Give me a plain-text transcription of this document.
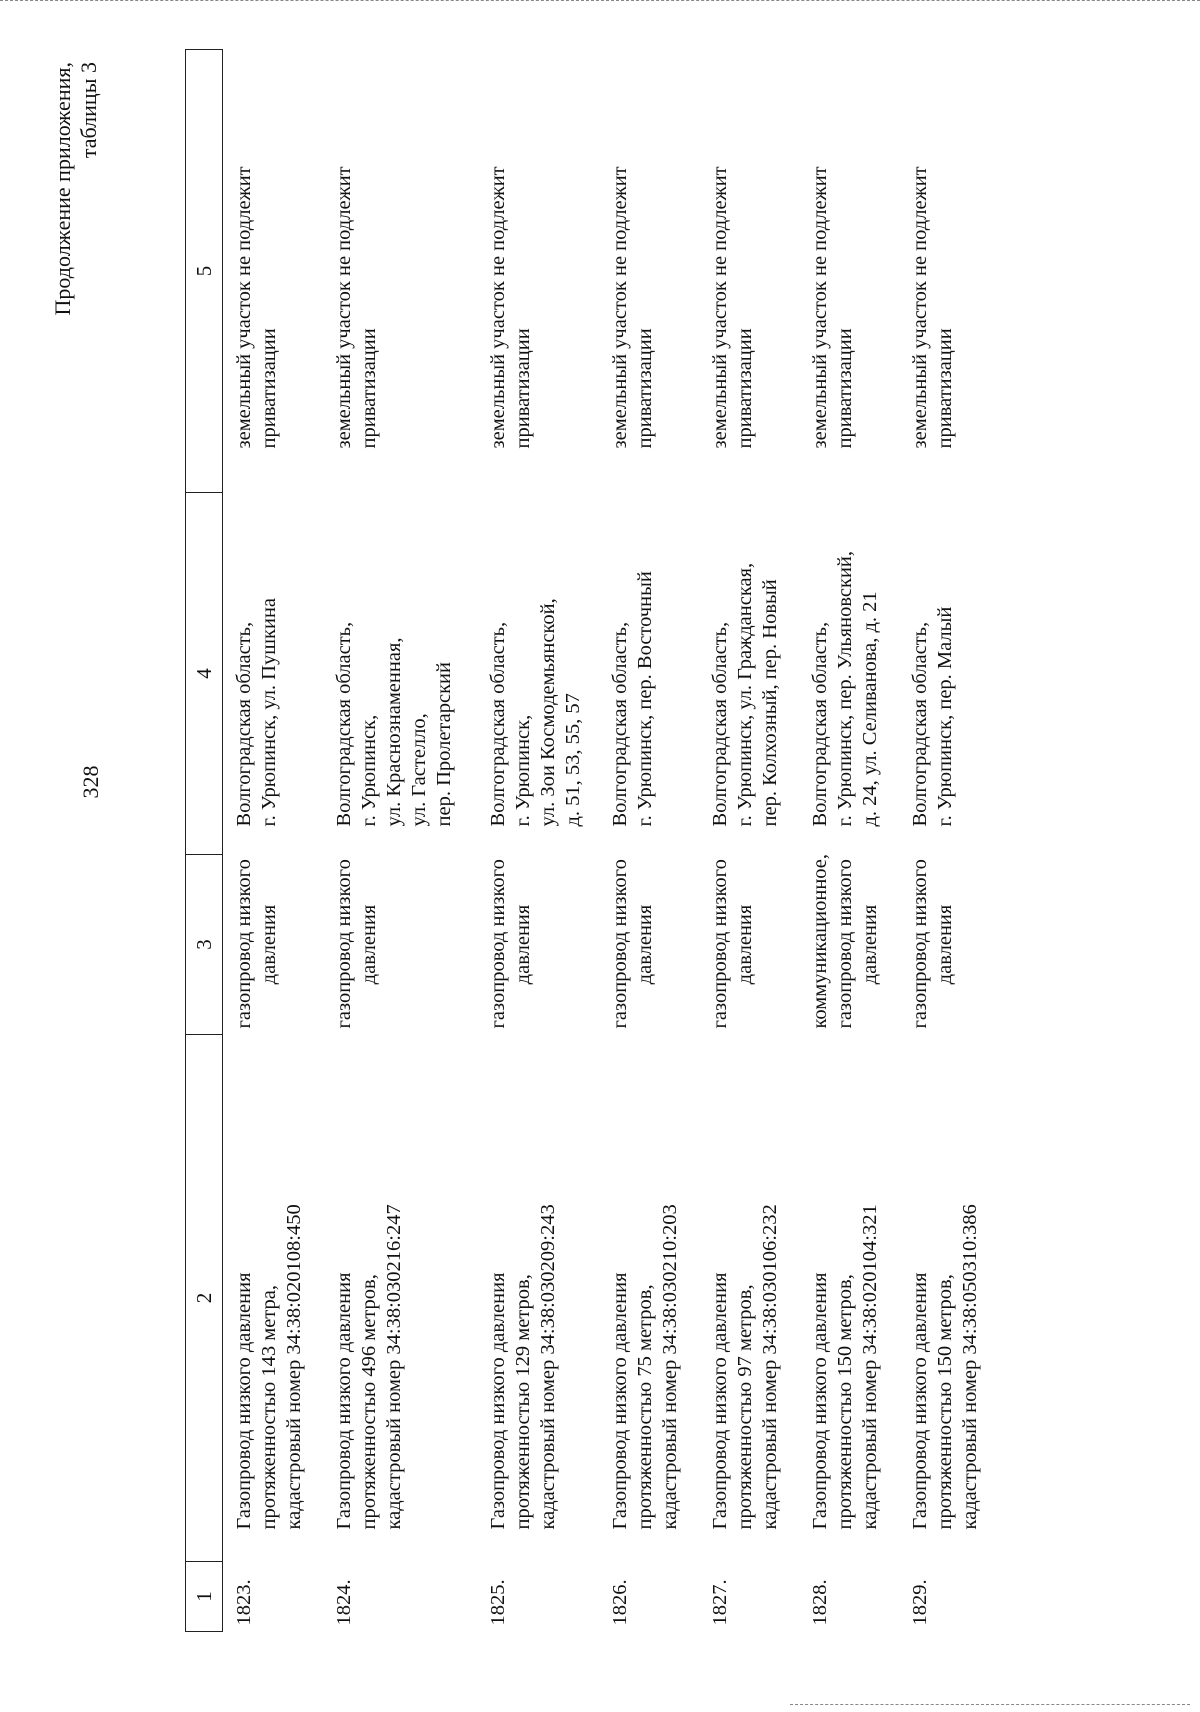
328
Продолжение приложения, таблицы 3
1	2	3	4	5
1823.	Газопровод низкого давления протяженностью 143 метра, кадастровый номер 34:38:020108:450	газопровод низкого давления	Волгоградская область, г. Урюпинск, ул. Пушкина	земельный участок не подлежит приватизации

1824.	Газопровод низкого давления протяженностью 496 метров, кадастровый номер 34:38:030216:247	газопровод низкого давления	Волгоградская область, г. Урюпинск, ул. Краснознаменная, ул. Гастелло, пер. Пролетарский	земельный участок не подлежит приватизации

1825.	Газопровод низкого давления протяженностью 129 метров, кадастровый номер 34:38:030209:243	газопровод низкого давления	Волгоградская область, г. Урюпинск, ул. Зои Космодемьянской, д. 51, 53, 55, 57	земельный участок не подлежит приватизации

1826.	Газопровод низкого давления протяженностью 75 метров, кадастровый номер 34:38:030210:203	газопровод низкого давления	Волгоградская область, г. Урюпинск, пер. Восточный	земельный участок не подлежит приватизации

1827.	Газопровод низкого давления протяженностью 97 метров, кадастровый номер 34:38:030106:232	газопровод низкого давления	Волгоградская область, г. Урюпинск, ул. Гражданская, пер. Колхозный, пер. Новый	земельный участок не подлежит приватизации

1828.	Газопровод низкого давления протяженностью 150 метров, кадастровый номер 34:38:020104:321	коммуникационное, газопровод низкого давления	Волгоградская область, г. Урюпинск, пер. Ульяновский, д. 24, ул. Селиванова, д. 21	земельный участок не подлежит приватизации

1829.	Газопровод низкого давления протяженностью 150 метров, кадастровый номер 34:38:050310:386	газопровод низкого давления	Волгоградская область, г. Урюпинск, пер. Малый	земельный участок не подлежит приватизации
